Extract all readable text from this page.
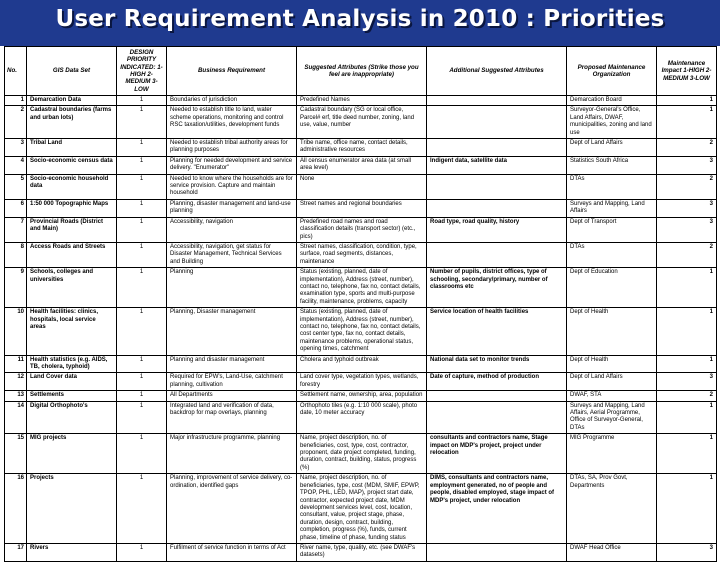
User Requirement Analysis in 2010 : Priorities
No.	GIS Data Set	DESIGN PRIORITY INDICATED: 1-HIGH 2-MEDIUM 3-LOW	Business Requirement	Suggested Attributes (Strike those you feel are inappropriate)	Additional Suggested Attributes	Proposed Maintenance Organization	Maintenance Impact 1-HIGH 2-MEDIUM 3-LOW
1	Demarcation Data	1	Boundaries of jurisdiction	Predefined Names		Demarcation Board	1
2	Cadastral boundaries (farms and urban lots)	1	Needed to establish title to land, water scheme operations, monitoring and control RSC taxation/utilities, development funds	Cadastral boundary (SG or local office, Parcel# erf, title deed number, zoning, land use, value, number		Surveyor-General's Office, Land Affairs, DWAF, municipalities, zoning and land use	1
3	Tribal Land	1	Needed to establish tribal authority areas for planning purposes	Tribe name, office name, contact details, administrative resources		Dept of Land Affairs	2
4	Socio-economic census data	1	Planning for needed development and service delivery. "Enumerator"	All census enumerator area data (at small area level)	Indigent data, satellite data	Statistics South Africa	3
5	Socio-economic household data	1	Needed to know where the households are for service provision. Capture and maintain household	None		DTAs	2
6	1:50 000 Topographic Maps	1	Planning, disaster management and land-use planning	Street names and regional boundaries		Surveys and Mapping, Land Affairs	3
7	Provincial Roads (District and Main)	1	Accessibility, navigation	Predefined road names and road classification details (transport sector) (etc., pics)	Road type, road quality, history	Dept of Transport	3
8	Access Roads and Streets	1	Accessibility, navigation, get status for Disaster Management, Technical Services and Building	Street names, classification, condition, type, surface, road segments, distances, maintenance		DTAs	2
9	Schools, colleges and universities	1	Planning	Status (existing, planned, date of implementation), Address (street, number), contact no, telephone, fax no, contact details, examination type, sports and multi-purpose facility, maintenance, problems, capacity	Number of pupils, district offices, type of schooling, secondary/primary, number of classrooms etc	Dept of Education	1
10	Health facilities: clinics, hospitals, local service areas	1	Planning, Disaster management	Status (existing, planned, date of implementation), Address (street, number), contact no, telephone, fax no, contact details, cost center type, fax no, contact details, maintenance problems, operational status, opening times, catchment	Service location of health facilities	Dept of Health	1
11	Health statistics (e.g. AIDS, TB, cholera, typhoid)	1	Planning and disaster management	Cholera and typhoid outbreak	National data set to monitor trends	Dept of Health	1
12	Land Cover data	1	Required for EPW's, Land-Use, catchment planning, cultivation	Land cover type, vegetation types, wetlands, forestry	Date of capture, method of production	Dept of Land Affairs	3
13	Settlements	1	All Departments	Settlement name, ownership, area, population		DWAF, STA	2
14	Digital Orthophoto's	1	Integrated land and verification of data, backdrop for map overlays, planning	Orthophoto tiles (e.g. 1:10 000 scale), photo date, 10 meter accuracy		Surveys and Mapping, Land Affairs, Aerial Programme, Office of Surveyor-General, DTAs	1
15	MIG projects	1	Major infrastructure programme, planning	Name, project description, no. of beneficiaries, cost, type, cost, contractor, proponent, date project completed, funding, duration, contract, building, status, progress (%)	consultants and contractors name, Stage impact on MDP's project, project under relocation	MIG Programme	1
16	Projects	1	Planning, improvement of service delivery, co-ordination, identified gaps	Name, project description, no. of beneficiaries, type, cost (MDM, SMIF, EPWP, TPOP, PHL, LED, MAP), project start date, contractor, expected project date, MDM development services level, cost, location, consultant, value, project stage, phase, duration, design, contract, building, completion, progress (%), funds, current phase, timeline of phase, funding status	DIMS, consultants and contractors name, employment generated, no of people and people, disabled employed, stage impact of MDP's project, under relocation	DTAs, SA, Prov Govt, Departments	1
17	Rivers	1	Fulfilment of service function in terms of Act	River name, type, quality, etc. (see DWAF's datasets)		DWAF Head Office	3
